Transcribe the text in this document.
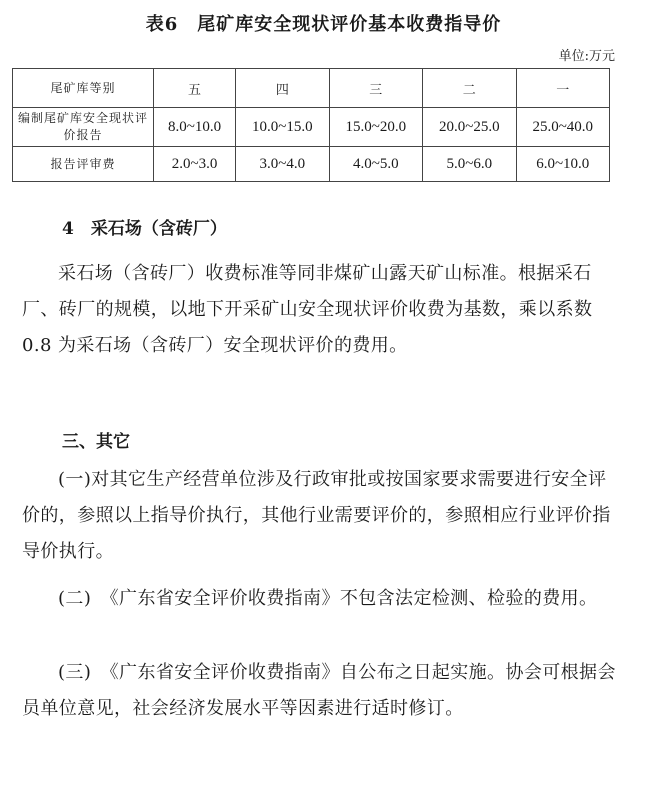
表6　尾矿库安全现状评价基本收费指导价
单位:万元
尾矿库等别	五	四	三	二	一
编制尾矿库安全现状评价报告	8.0~10.0	10.0~15.0	15.0~20.0	20.0~25.0	25.0~40.0
报告评审费	2.0~3.0	3.0~4.0	4.0~5.0	5.0~6.0	6.0~10.0
4　采石场（含砖厂）

采石场（含砖厂）收费标准等同非煤矿山露天矿山标准。根据采石厂、砖厂的规模，以地下开采矿山安全现状评价收费为基数，乘以系数 0.8 为采石场（含砖厂）安全现状评价的费用。

三、其它

(一)对其它生产经营单位涉及行政审批或按国家要求需要进行安全评价的，参照以上指导价执行，其他行业需要评价的，参照相应行业评价指导价执行。

(二)　《广东省安全评价收费指南》不包含法定检测、检验的费用。

(三)　《广东省安全评价收费指南》自公布之日起实施。协会可根据会员单位意见，社会经济发展水平等因素进行适时修订。
